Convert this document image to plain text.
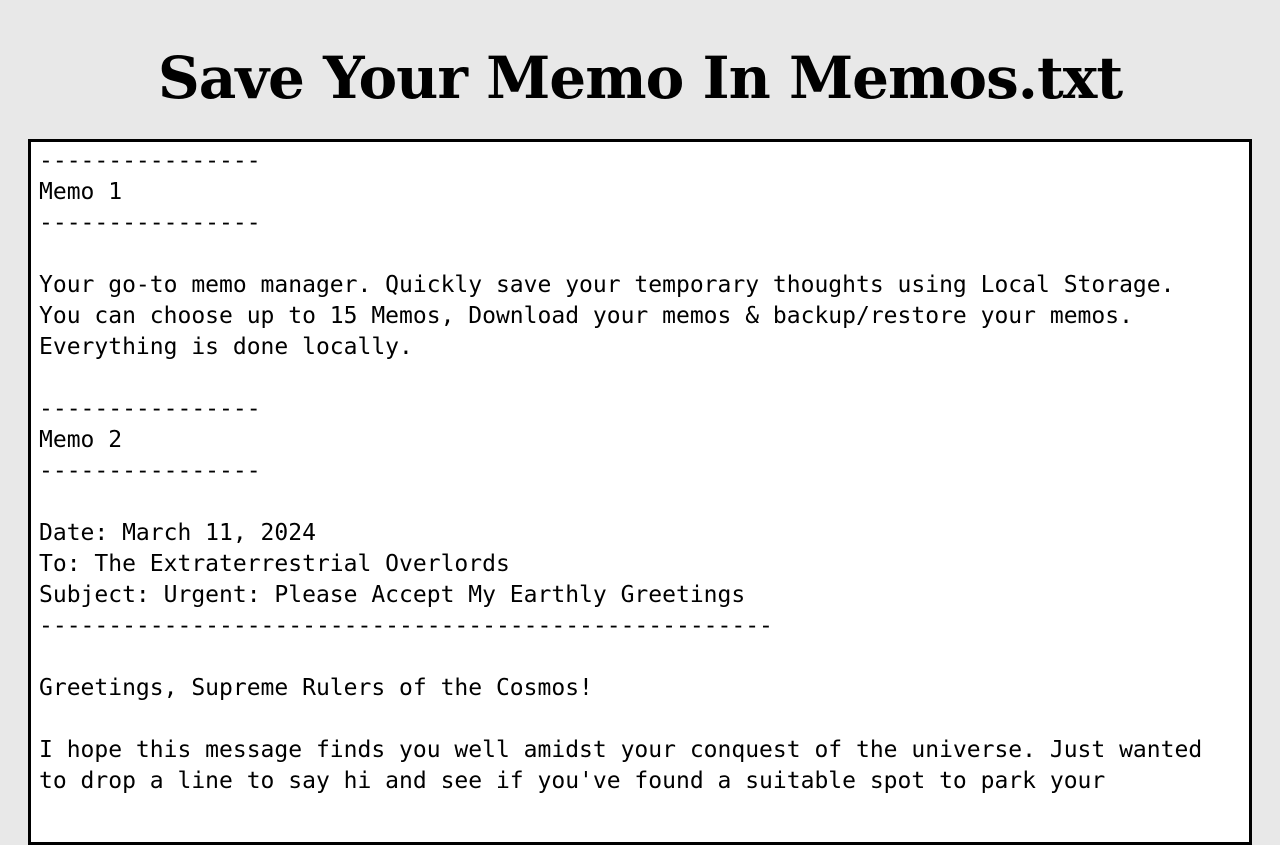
Save Your Memo In Memos.txt
----------------
Memo 1
----------------

Your go-to memo manager. Quickly save your temporary thoughts using Local Storage.
You can choose up to 15 Memos, Download your memos & backup/restore your memos.
Everything is done locally.

----------------
Memo 2
----------------

Date: March 11, 2024
To: The Extraterrestrial Overlords
Subject: Urgent: Please Accept My Earthly Greetings
-----------------------------------------------------

Greetings, Supreme Rulers of the Cosmos!

I hope this message finds you well amidst your conquest of the universe. Just wanted
to drop a line to say hi and see if you've found a suitable spot to park your
